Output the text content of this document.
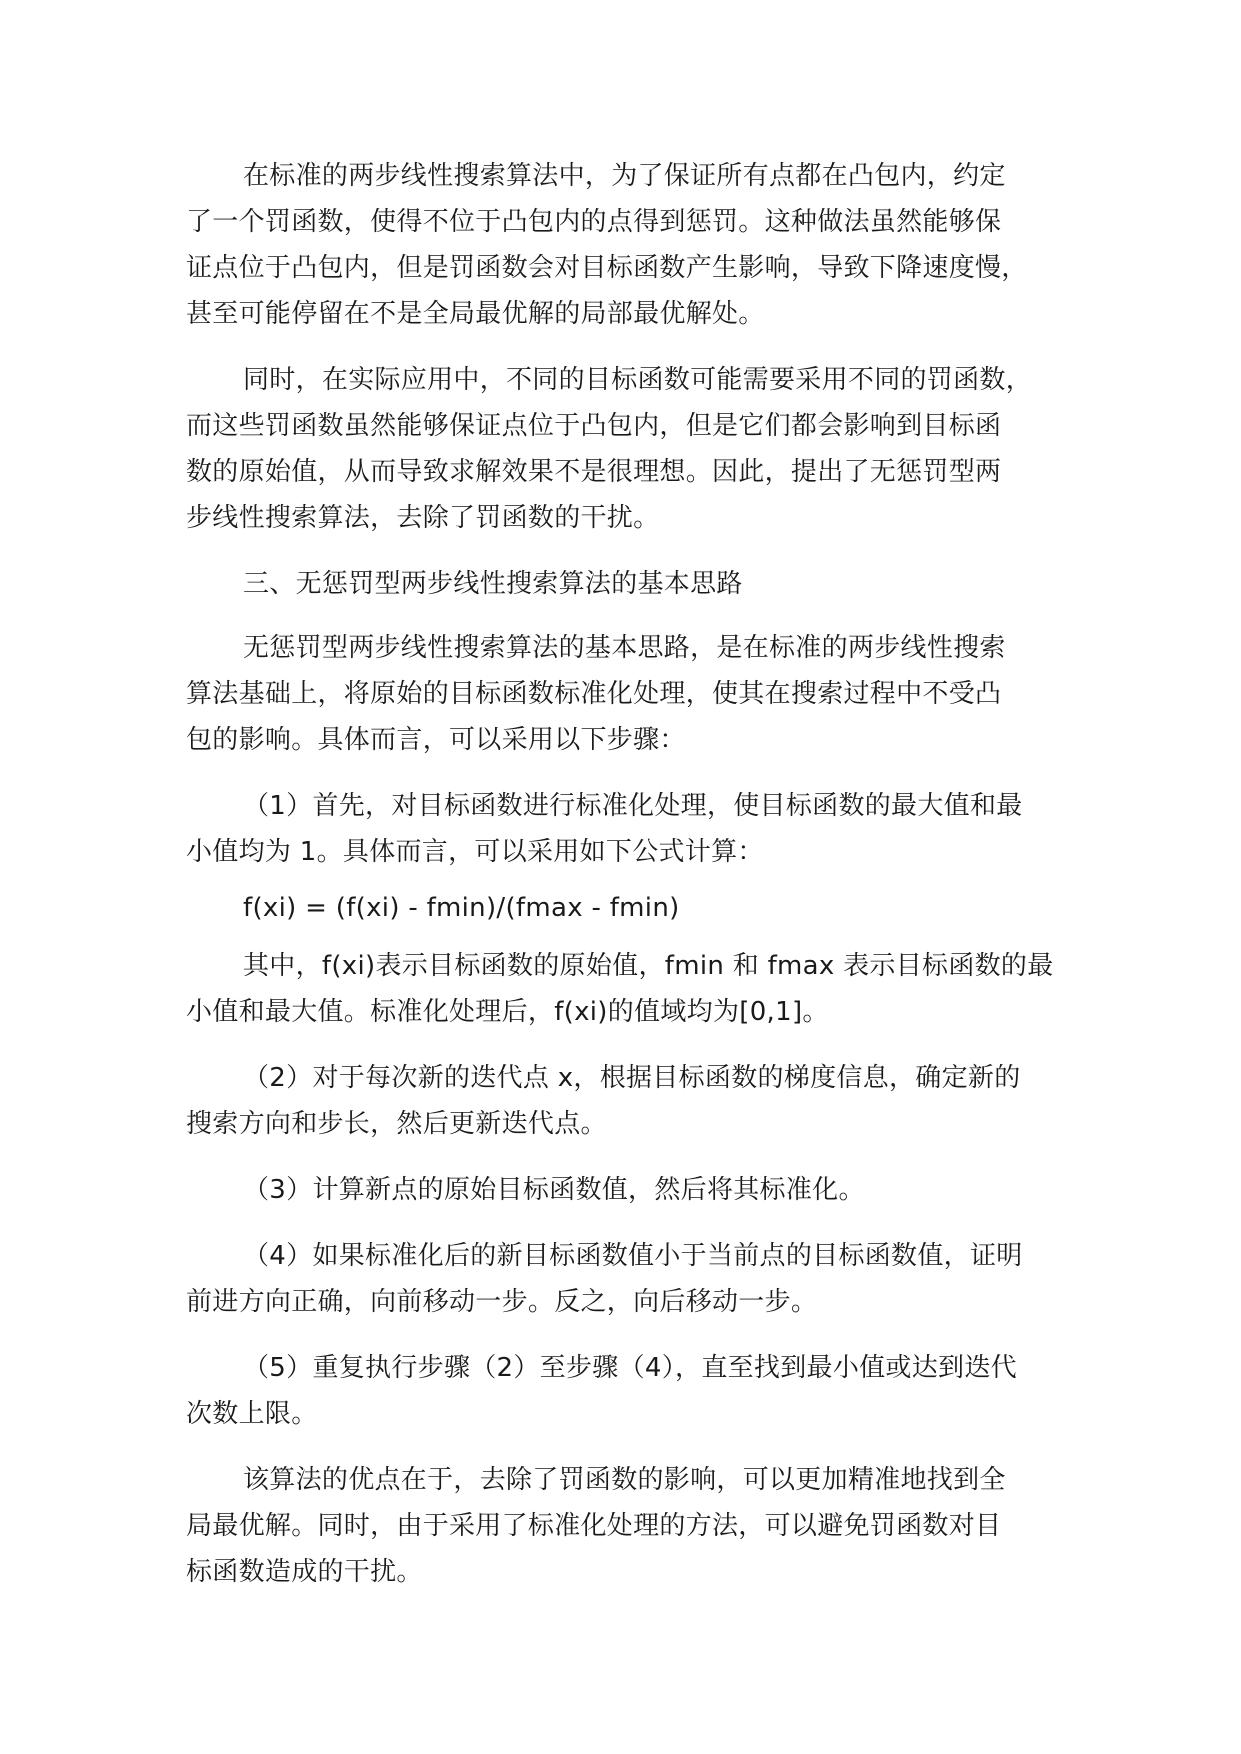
在标准的两步线性搜索算法中，为了保证所有点都在凸包内，约定
了一个罚函数，使得不位于凸包内的点得到惩罚。这种做法虽然能够保
证点位于凸包内，但是罚函数会对目标函数产生影响，导致下降速度慢，
甚至可能停留在不是全局最优解的局部最优解处。
同时，在实际应用中，不同的目标函数可能需要采用不同的罚函数，
而这些罚函数虽然能够保证点位于凸包内，但是它们都会影响到目标函
数的原始值，从而导致求解效果不是很理想。因此，提出了无惩罚型两
步线性搜索算法，去除了罚函数的干扰。
三、无惩罚型两步线性搜索算法的基本思路
无惩罚型两步线性搜索算法的基本思路，是在标准的两步线性搜索
算法基础上，将原始的目标函数标准化处理，使其在搜索过程中不受凸
包的影响。具体而言，可以采用以下步骤：
（1）首先，对目标函数进行标准化处理，使目标函数的最大值和最
小值均为 1。具体而言，可以采用如下公式计算：
f(xi) = (f(xi) - fmin)/(fmax - fmin)
其中，f(xi)表示目标函数的原始值，fmin 和 fmax 表示目标函数的最
小值和最大值。标准化处理后，f(xi)的值域均为[0,1]。
（2）对于每次新的迭代点 x，根据目标函数的梯度信息，确定新的
搜索方向和步长，然后更新迭代点。
（3）计算新点的原始目标函数值，然后将其标准化。
（4）如果标准化后的新目标函数值小于当前点的目标函数值，证明
前进方向正确，向前移动一步。反之，向后移动一步。
（5）重复执行步骤（2）至步骤（4），直至找到最小值或达到迭代
次数上限。
该算法的优点在于，去除了罚函数的影响，可以更加精准地找到全
局最优解。同时，由于采用了标准化处理的方法，可以避免罚函数对目
标函数造成的干扰。
